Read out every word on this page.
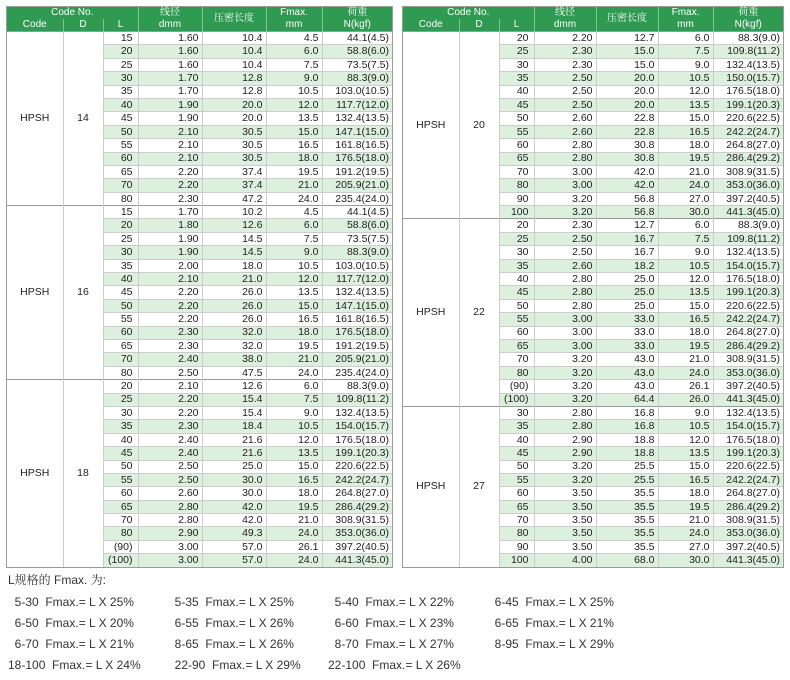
Code No.			线径	压密长度	Fmax.	荷重
Code	D	L	dmm		mm	N(kgf)
HPSH	14	15	1.60	10.4	4.5	44.1(4.5)
		20	1.60	10.4	6.0	58.8(6.0)
		25	1.60	10.4	7.5	73.5(7.5)
		30	1.70	12.8	9.0	88.3(9.0)
		35	1.70	12.8	10.5	103.0(10.5)
		40	1.90	20.0	12.0	117.7(12.0)
		45	1.90	20.0	13.5	132.4(13.5)
		50	2.10	30.5	15.0	147.1(15.0)
		55	2.10	30.5	16.5	161.8(16.5)
		60	2.10	30.5	18.0	176.5(18.0)
		65	2.20	37.4	19.5	191.2(19.5)
		70	2.20	37.4	21.0	205.9(21.0)
		80	2.30	47.2	24.0	235.4(24.0)
HPSH	16	15	1.70	10.2	4.5	44.1(4.5)
		20	1.80	12.6	6.0	58.8(6.0)
		25	1.90	14.5	7.5	73.5(7.5)
		30	1.90	14.5	9.0	88.3(9.0)
		35	2.00	18.0	10.5	103.0(10.5)
		40	2.10	21.0	12.0	117.7(12.0)
		45	2.20	26.0	13.5	132.4(13.5)
		50	2.20	26.0	15.0	147.1(15.0)
		55	2.20	26.0	16.5	161.8(16.5)
		60	2.30	32.0	18.0	176.5(18.0)
		65	2.30	32.0	19.5	191.2(19.5)
		70	2.40	38.0	21.0	205.9(21.0)
		80	2.50	47.5	24.0	235.4(24.0)
HPSH	18	20	2.10	12.6	6.0	88.3(9.0)
		25	2.20	15.4	7.5	109.8(11.2)
		30	2.20	15.4	9.0	132.4(13.5)
		35	2.30	18.4	10.5	154.0(15.7)
		40	2.40	21.6	12.0	176.5(18.0)
		45	2.40	21.6	13.5	199.1(20.3)
		50	2.50	25.0	15.0	220.6(22.5)
		55	2.50	30.0	16.5	242.2(24.7)
		60	2.60	30.0	18.0	264.8(27.0)
		65	2.80	42.0	19.5	286.4(29.2)
		70	2.80	42.0	21.0	308.9(31.5)
		80	2.90	49.3	24.0	353.0(36.0)
		(90)	3.00	57.0	26.1	397.2(40.5)
		(100)	3.00	57.0	24.0	441.3(45.0)
Code No.			线径	压密长度	Fmax.	荷重
Code	D	L	dmm		mm	N(kgf)
HPSH	20	20	2.20	12.7	6.0	88.3(9.0)
		25	2.30	15.0	7.5	109.8(11.2)
		30	2.30	15.0	9.0	132.4(13.5)
		35	2.50	20.0	10.5	150.0(15.7)
		40	2.50	20.0	12.0	176.5(18.0)
		45	2.50	20.0	13.5	199.1(20.3)
		50	2.60	22.8	15.0	220.6(22.5)
		55	2.60	22.8	16.5	242.2(24.7)
		60	2.80	30.8	18.0	264.8(27.0)
		65	2.80	30.8	19.5	286.4(29.2)
		70	3.00	42.0	21.0	308.9(31.5)
		80	3.00	42.0	24.0	353.0(36.0)
		90	3.20	56.8	27.0	397.2(40.5)
		100	3.20	56.8	30.0	441.3(45.0)
HPSH	22	20	2.30	12.7	6.0	88.3(9.0)
		25	2.50	16.7	7.5	109.8(11.2)
		30	2.50	16.7	9.0	132.4(13.5)
		35	2.60	18.2	10.5	154.0(15.7)
		40	2.80	25.0	12.0	176.5(18.0)
		45	2.80	25.0	13.5	199.1(20.3)
		50	2.80	25.0	15.0	220.6(22.5)
		55	3.00	33.0	16.5	242.2(24.7)
		60	3.00	33.0	18.0	264.8(27.0)
		65	3.00	33.0	19.5	286.4(29.2)
		70	3.20	43.0	21.0	308.9(31.5)
		80	3.20	43.0	24.0	353.0(36.0)
		(90)	3.20	43.0	26.1	397.2(40.5)
		(100)	3.20	64.4	26.0	441.3(45.0)
HPSH	27	30	2.80	16.8	9.0	132.4(13.5)
		35	2.80	16.8	10.5	154.0(15.7)
		40	2.90	18.8	12.0	176.5(18.0)
		45	2.90	18.8	13.5	199.1(20.3)
		50	3.20	25.5	15.0	220.6(22.5)
		55	3.20	25.5	16.5	242.2(24.7)
		60	3.50	35.5	18.0	264.8(27.0)
		65	3.50	35.5	19.5	286.4(29.2)
		70	3.50	35.5	21.0	308.9(31.5)
		80	3.50	35.5	24.0	353.0(36.0)
		90	3.50	35.5	27.0	397.2(40.5)
		100	4.00	68.0	30.0	441.3(45.0)
L规格的 Fmax. 为:
5-30  Fmax.= L X 25%	5-35  Fmax.= L X 25%	5-40  Fmax.= L X 22%	6-45  Fmax.= L X 25%
6-50  Fmax.= L X 20%	6-55  Fmax.= L X 26%	6-60  Fmax.= L X 23%	6-65  Fmax.= L X 21%
6-70  Fmax.= L X 21%	8-65  Fmax.= L X 26%	8-70  Fmax.= L X 27%	8-95  Fmax.= L X 29%
18-100  Fmax.= L X 24%	22-90  Fmax.= L X 29%	22-100  Fmax.= L X 26%
